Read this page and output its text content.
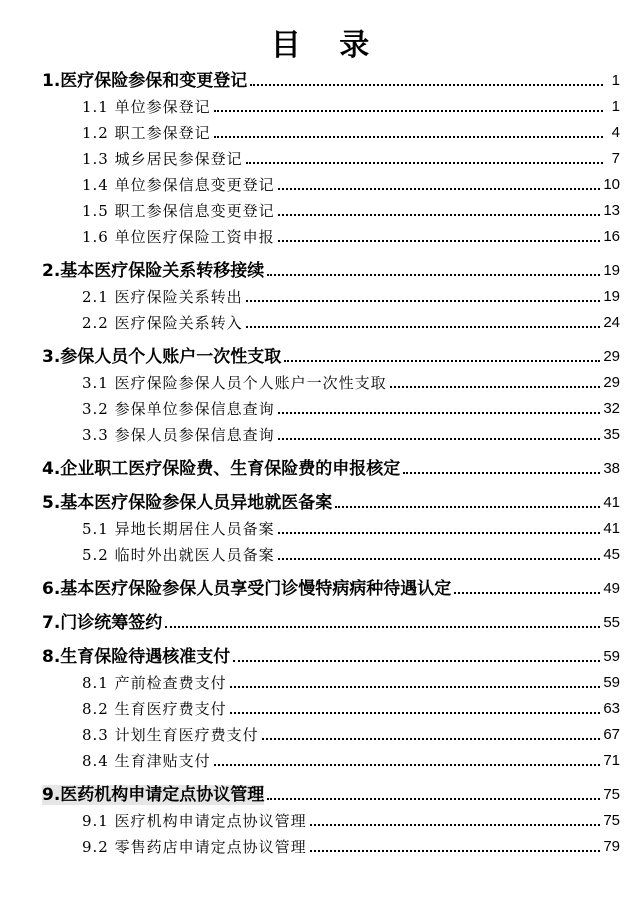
目 录
1.医疗保险参保和变更登记	1
1.1 单位参保登记	1
1.2 职工参保登记	4
1.3 城乡居民参保登记	7
1.4 单位参保信息变更登记	10
1.5 职工参保信息变更登记	13
1.6 单位医疗保险工资申报	16
2.基本医疗保险关系转移接续	19
2.1 医疗保险关系转出	19
2.2 医疗保险关系转入	24
3.参保人员个人账户一次性支取	29
3.1 医疗保险参保人员个人账户一次性支取	29
3.2 参保单位参保信息查询	32
3.3 参保人员参保信息查询	35
4.企业职工医疗保险费、生育保险费的申报核定	38
5.基本医疗保险参保人员异地就医备案	41
5.1 异地长期居住人员备案	41
5.2 临时外出就医人员备案	45
6.基本医疗保险参保人员享受门诊慢特病病种待遇认定	49
7.门诊统筹签约	55
8.生育保险待遇核准支付	59
8.1 产前检查费支付	59
8.2 生育医疗费支付	63
8.3 计划生育医疗费支付	67
8.4 生育津贴支付	71
9.医药机构申请定点协议管理	75
9.1 医疗机构申请定点协议管理	75
9.2 零售药店申请定点协议管理	79
